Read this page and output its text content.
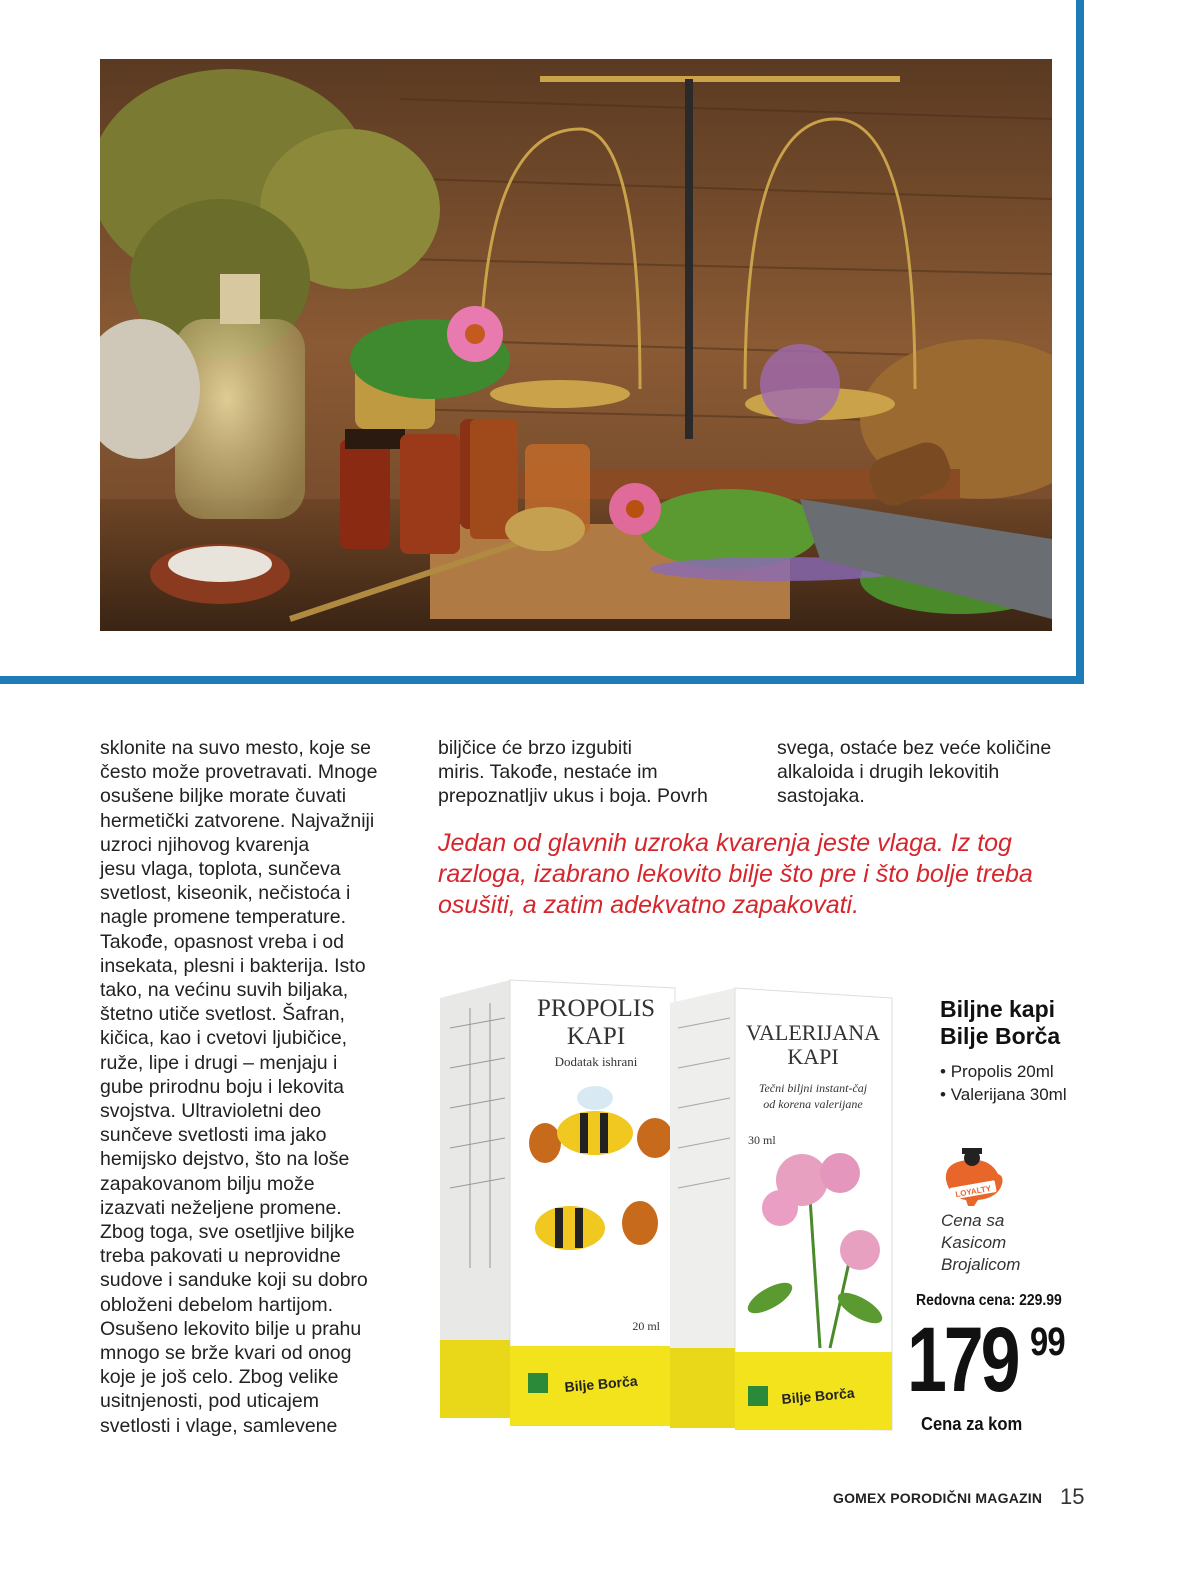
sklonite na suvo mesto, koje se
često može provetravati. Mnoge
osušene biljke morate čuvati
hermetički zatvorene. Najvažniji
uzroci njihovog kvarenja
jesu vlaga, toplota, sunčeva
svetlost, kiseonik, nečistoća i
nagle promene temperature.
Takođe, opasnost vreba i od
insekata, plesni i bakterija. Isto
tako, na većinu suvih biljaka,
štetno utiče svetlost. Šafran,
kičica, kao i cvetovi ljubičice,
ruže, lipe i drugi – menjaju i
gube prirodnu boju i lekovita
svojstva. Ultravioletni deo
sunčeve svetlosti ima jako
hemijsko dejstvo, što na loše
zapakovanom bilju može
izazvati neželjene promene.
Zbog toga, sve osetljive biljke
treba pakovati u neprovidne
sudove i sanduke koji su dobro
obloženi debelom hartijom.
Osušeno lekovito bilje u prahu
mnogo se brže kvari od onog
koje je još celo. Zbog velike
usitnjenosti, pod uticajem
svetlosti i vlage, samlevene

biljčice će brzo izgubiti
miris. Takođe, nestaće im
prepoznatljiv ukus i boja. Povrh

svega, ostaće bez veće količine
alkaloida i drugih lekovitih
sastojaka.

Jedan od glavnih uzroka kvarenja jeste vlaga. Iz tog
razloga, izabrano lekovito bilje što pre i što bolje treba
osušiti, a zatim adekvatno zapakovati.
PROPOLIS
KAPI
Dodatak ishrani
20 ml
Bilje Borča
VALERIJANA
KAPI
Tečni biljni instant-čaj
od korena valerijane
30 ml
Bilje Borča
Biljne kapi
Bilje Borča
• Propolis 20ml
• Valerijana 30ml
LOYALTY
Cena sa
Kasicom
Brojalicom
Redovna cena: 229.99
179 99
Cena za kom
GOMEX PORODIČNI MAGAZIN 15
